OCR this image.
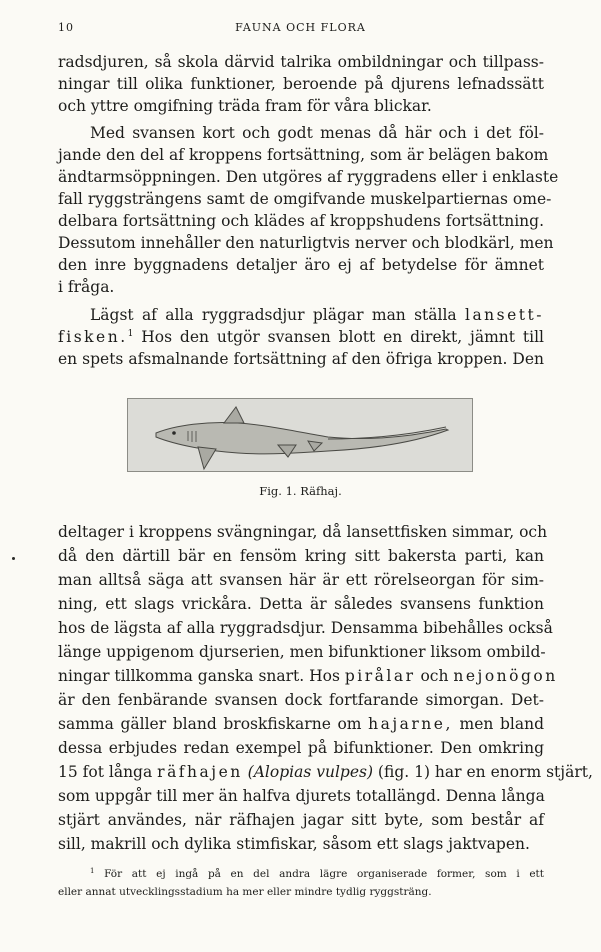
10	FAUNA OCH FLORA
radsdjuren, så skola därvid talrika ombildningar och tillpass-
ningar till olika funktioner, beroende på djurens lefnadssätt
och yttre omgifning träda fram för våra blickar.
Med svansen kort och godt menas då här och i det föl-
jande den del af kroppens fortsättning, som är belägen bakom
ändtarmsöppningen. Den utgöres af ryggradens eller i enklaste
fall ryggsträngens samt de omgifvande muskelpartiernas ome-
delbara fortsättning och klädes af kroppshudens fortsättning.
Dessutom innehåller den naturligtvis nerver och blodkärl, men
den inre byggnadens detaljer äro ej af betydelse för ämnet
i fråga.
Lägst af alla ryggradsdjur plägar man ställa lansett-
fisken.$^1$ Hos den utgör svansen blott en direkt, jämnt till
en spets afsmalnande fortsättning af den öfriga kroppen. Den
Fig. 1. Räfhaj.
deltager i kroppens svängningar, då lansettfisken simmar, och
då den därtill bär en fensöm kring sitt bakersta parti, kan
man alltså säga att svansen här är ett rörelseorgan för sim-
ning, ett slags vrickåra. Detta är således svansens funktion
hos de lägsta af alla ryggradsdjur. Densamma bibehålles också
länge uppigenom djurserien, men bifunktioner liksom ombild-
ningar tillkomma ganska snart. Hos pirålar och nejonögon
är den fenbärande svansen dock fortfarande simorgan. Det-
samma gäller bland broskfiskarne om hajarne, men bland
dessa erbjudes redan exempel på bifunktioner. Den omkring
15 fot långa räfhajen (Alopias vulpes) (fig. 1) har en enorm stjärt,
som uppgår till mer än halfva djurets totallängd. Denna långa
stjärt användes, när räfhajen jagar sitt byte, som består af
sill, makrill och dylika stimfiskar, såsom ett slags jaktvapen.
$^1$ För att ej ingå på en del andra lägre organiserade former, som i ett
eller annat utvecklingsstadium ha mer eller mindre tydlig ryggsträng.
